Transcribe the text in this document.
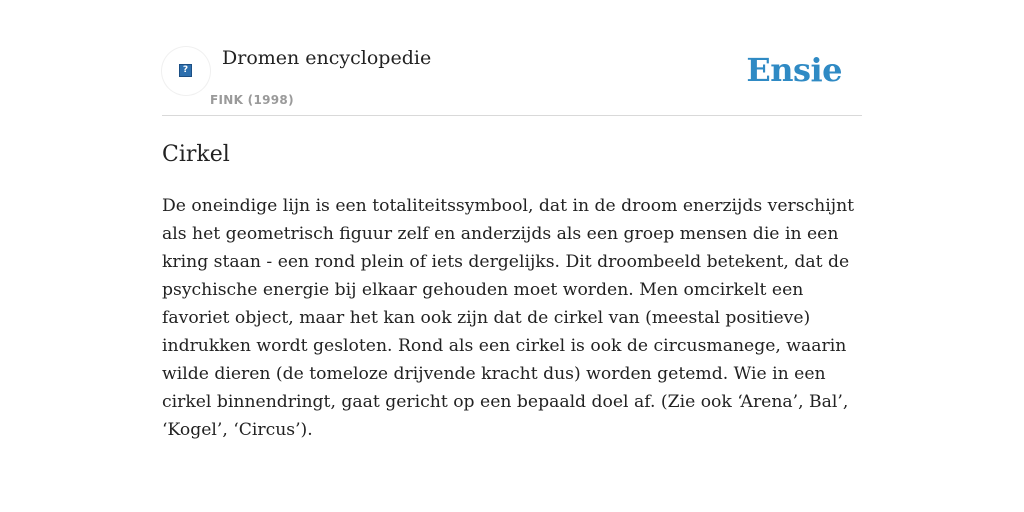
?
Dromen encyclopedie
FINK (1998)
Ensie
Cirkel

De oneindige lijn is een totaliteitssymbool, dat in de droom enerzijds verschijnt als het geometrisch figuur zelf en anderzijds als een groep mensen die in een kring staan - een rond plein of iets dergelijks. Dit droombeeld betekent, dat de psychische energie bij elkaar gehouden moet worden. Men omcirkelt een favoriet object, maar het kan ook zijn dat de cirkel van (meestal positieve) indrukken wordt gesloten. Rond als een cirkel is ook de circusmanege, waarin wilde dieren (de tomeloze drijvende kracht dus) worden getemd. Wie in een cirkel binnendringt, gaat gericht op een bepaald doel af. (Zie ook ‘Arena’, Bal’, ‘Kogel’, ‘Circus’).
